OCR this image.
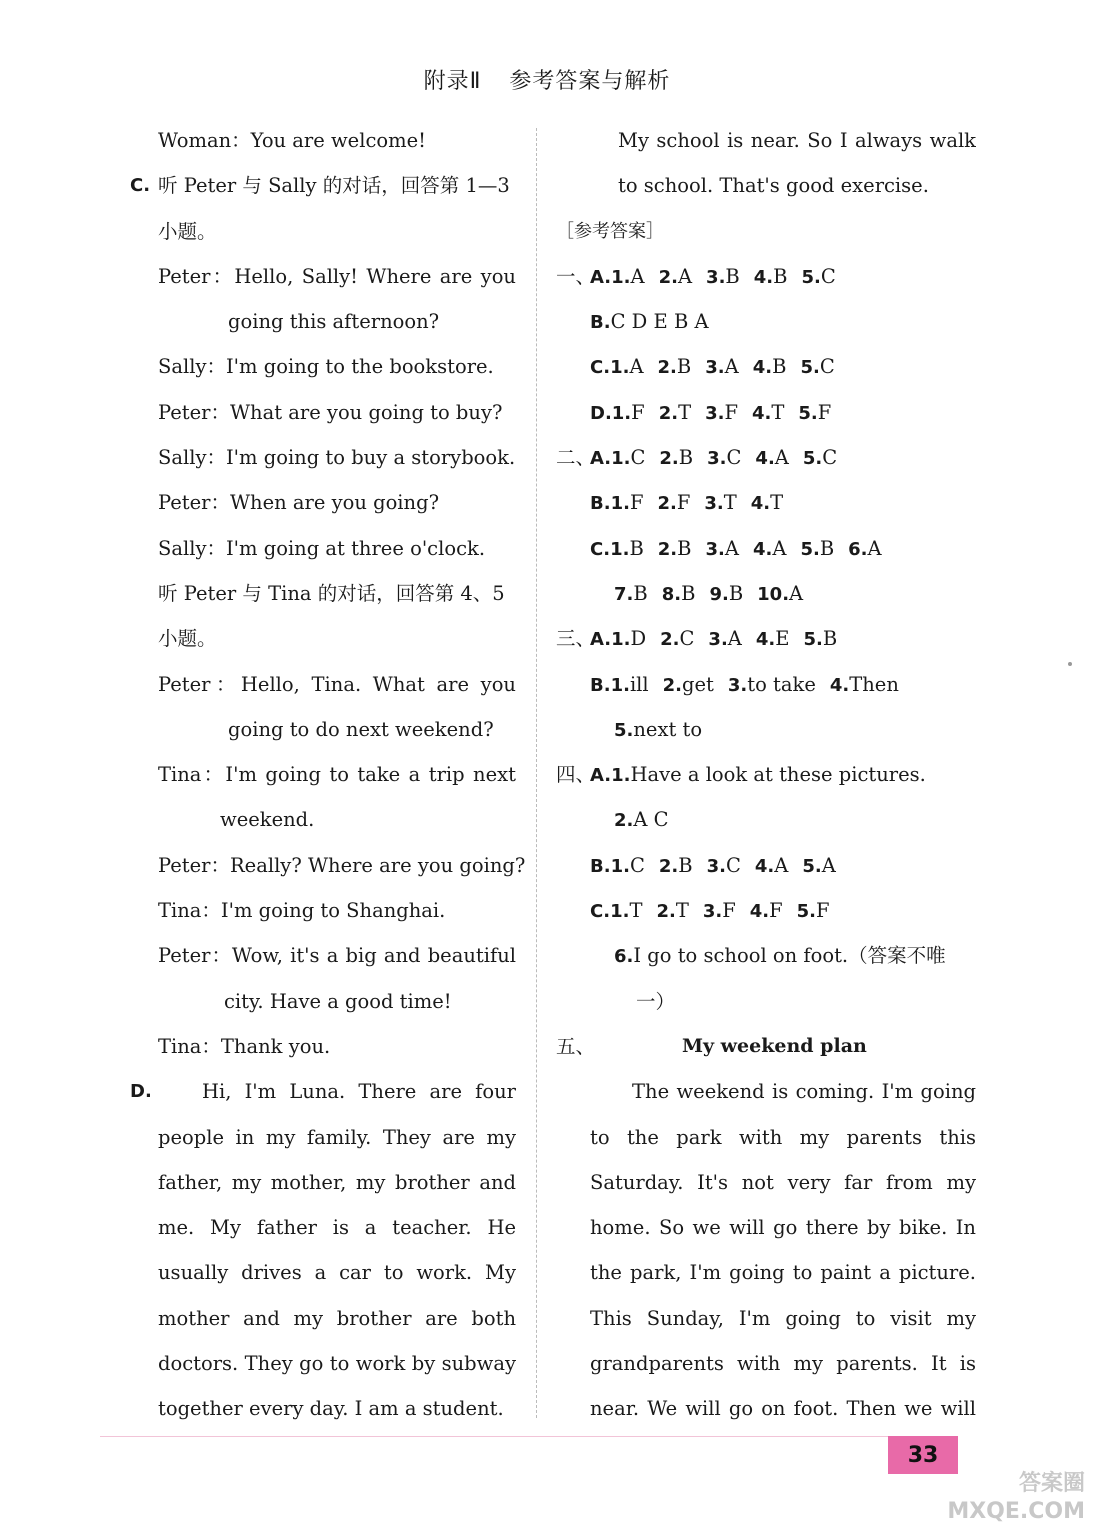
附录Ⅱ 参考答案与解析
Woman：You are welcome!
C. 听 Peter 与 Sally 的对话，回答第 1—3
小题。
Peter：Hello, Sally! Where are you
going this afternoon?
Sally：I'm going to the bookstore.
Peter：What are you going to buy?
Sally：I'm going to buy a storybook.
Peter：When are you going?
Sally：I'm going at three o'clock.
听 Peter 与 Tina 的对话，回答第 4、5
小题。
Peter：Hello, Tina. What are you
going to do next weekend?
Tina：I'm going to take a trip next
weekend.
Peter：Really? Where are you going?
Tina：I'm going to Shanghai.
Peter：Wow, it's a big and beautiful
city. Have a good time!
Tina：Thank you.
D.	Hi, I'm Luna. There are four
people in my family. They are my
father, my mother, my brother and
me. My father is a teacher. He
usually drives a car to work. My
mother and my brother are both
doctors. They go to work by subway
together every day. I am a student.
My school is near. So I always walk
to school. That's good exercise.
［参考答案］
一、
A.1.A 2.A 3.B 4.B 5.C
B.C D E B A
C.1.A 2.B 3.A 4.B 5.C
D.1.F 2.T 3.F 4.T 5.F
二、
A.1.C 2.B 3.C 4.A 5.C
B.1.F 2.F 3.T 4.T
C.1.B 2.B 3.A 4.A 5.B 6.A
7.B 8.B 9.B 10.A
三、
A.1.D 2.C 3.A 4.E 5.B
B.1.ill 2.get 3.to take 4.Then
5.next to
四、
A.1.Have a look at these pictures.
2.A C
B.1.C 2.B 3.C 4.A 5.A
C.1.T 2.T 3.F 4.F 5.F
6.I go to school on foot.（答案不唯
一）
五、	My weekend plan
The weekend is coming. I'm going
to the park with my parents this
Saturday. It's not very far from my
home. So we will go there by bike. In
the park, I'm going to paint a picture.
This Sunday, I'm going to visit my
grandparents with my parents. It is
near. We will go on foot. Then we will
33
答案圈
MXQE.COM
